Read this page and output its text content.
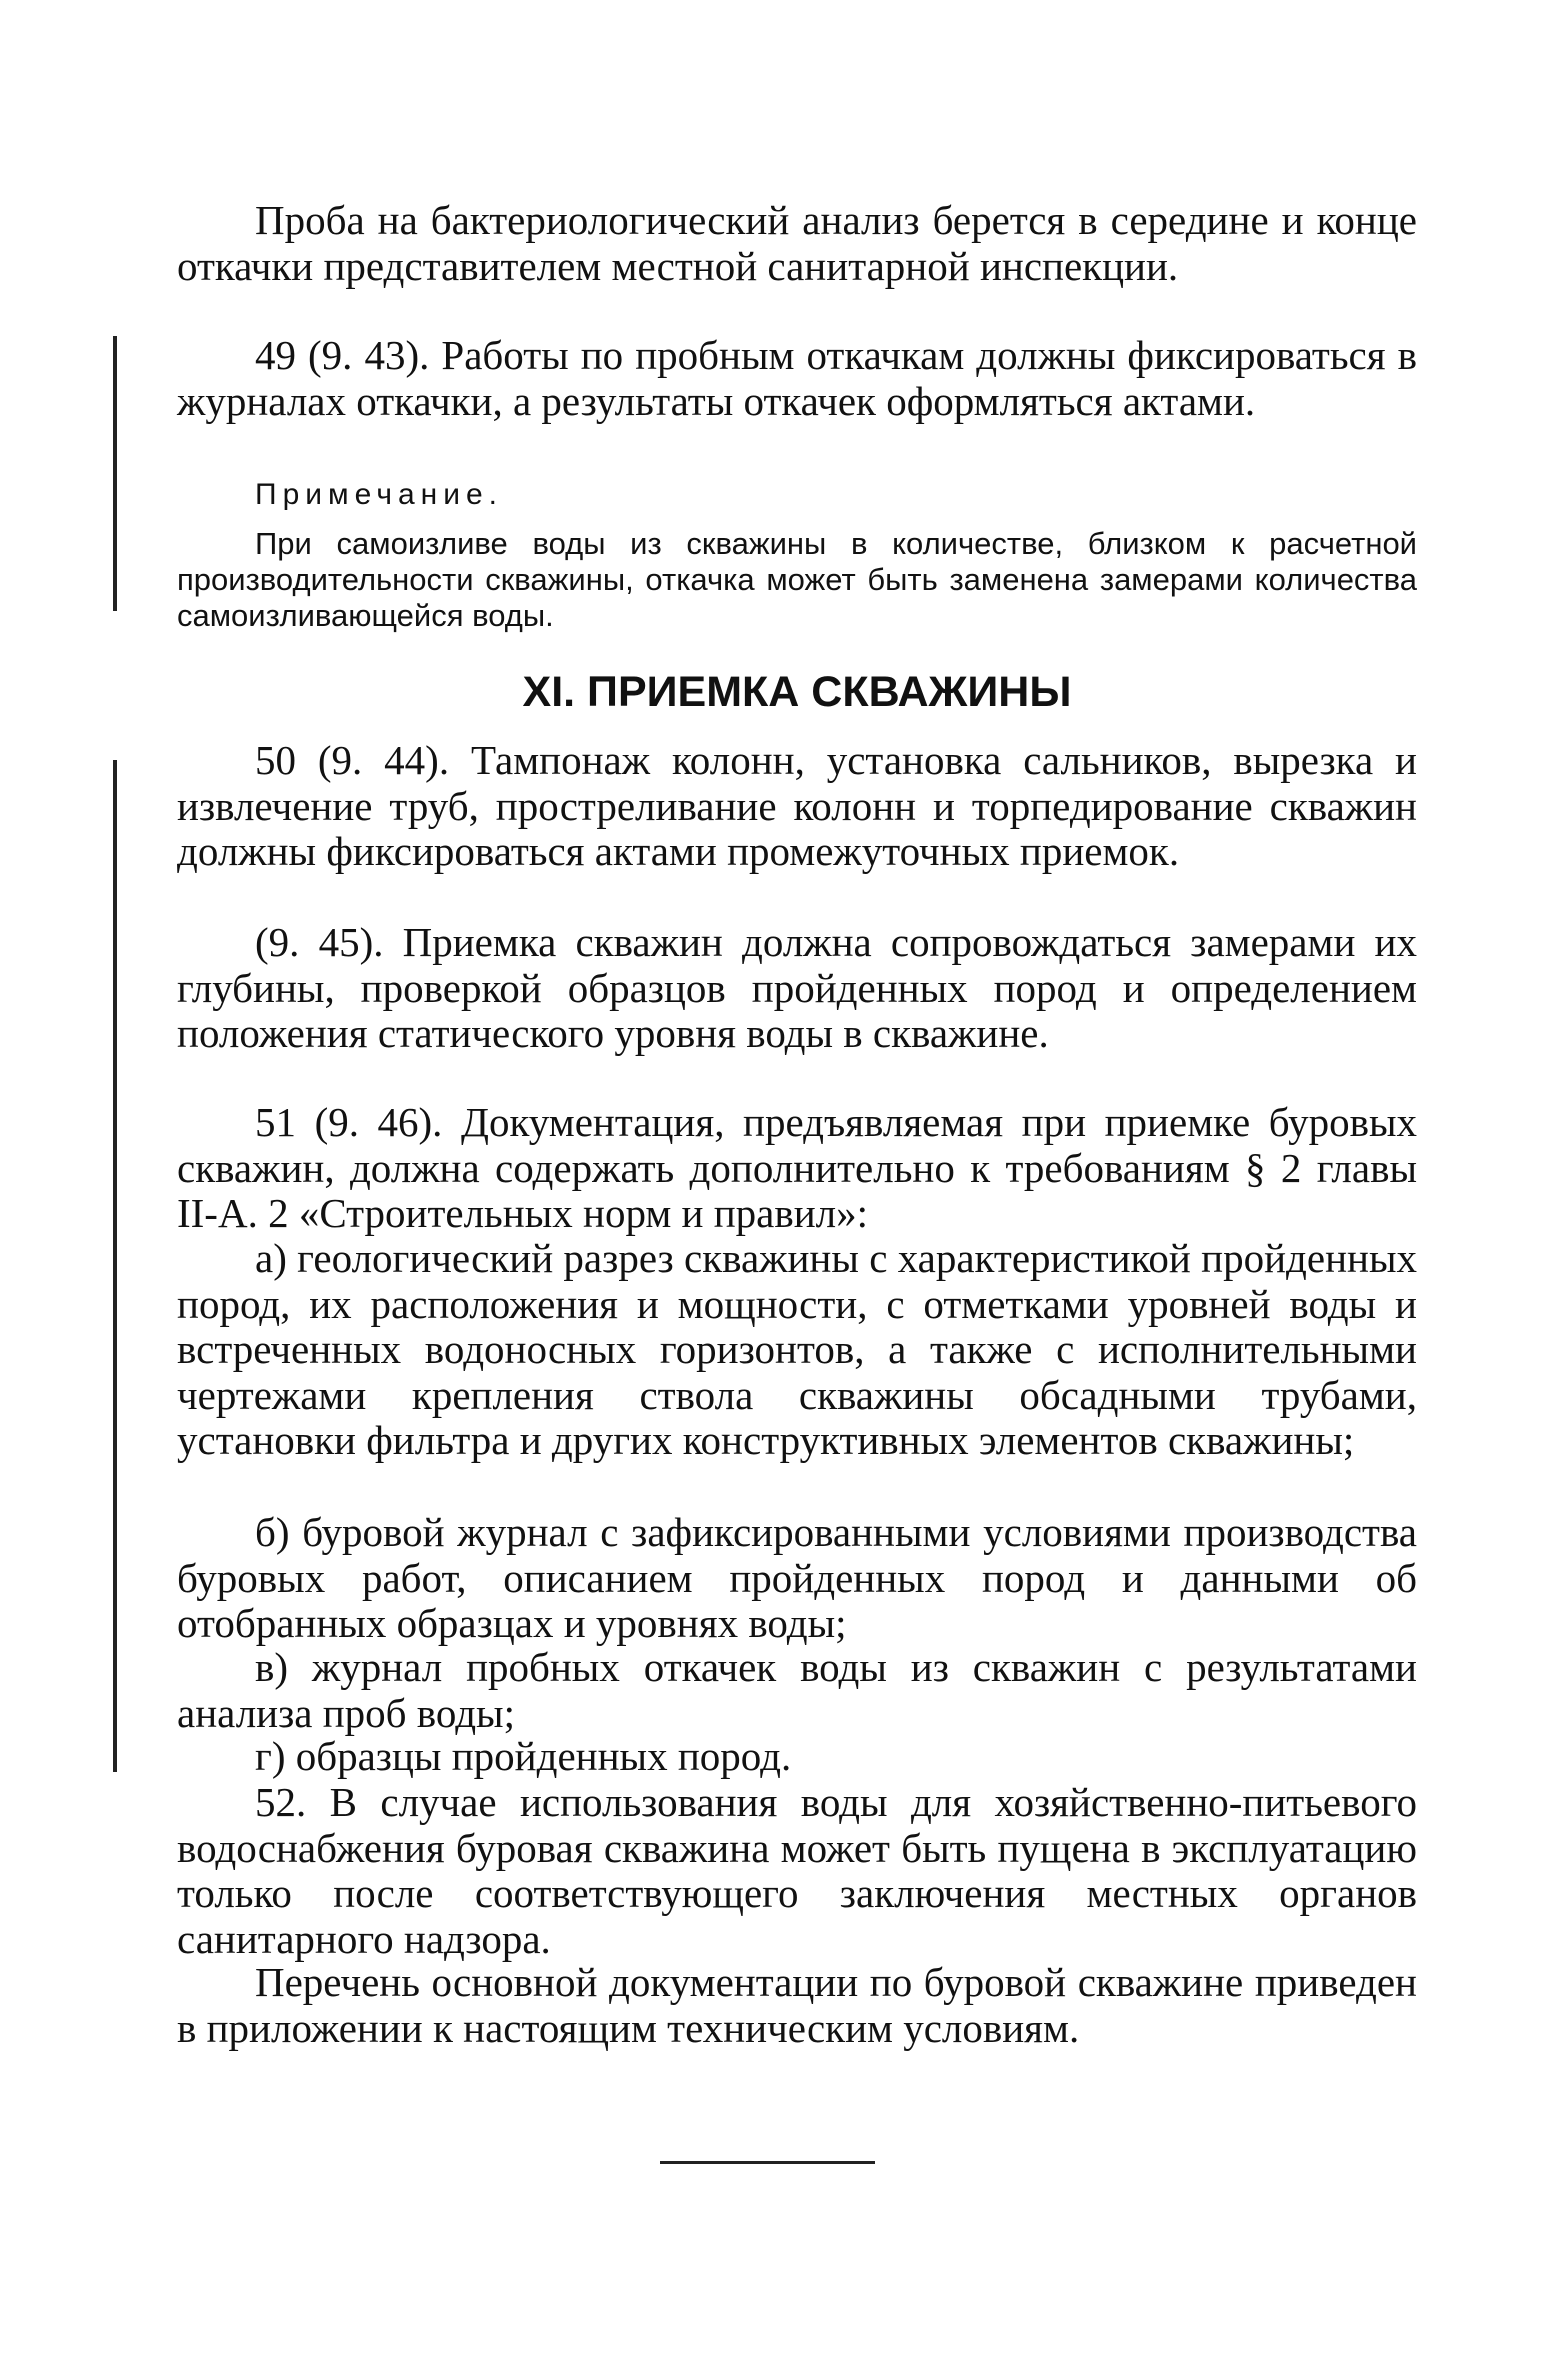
Проба на бактериологический анализ берется в середине и конце откачки представителем местной санитарной инспекции.

49 (9. 43). Работы по пробным откачкам должны фиксироваться в журналах откачки, а результаты откачек оформляться актами.

Примечание.

При самоизливе воды из скважины в количестве, близком к расчетной производительности скважины, откачка может быть заменена замерами количества самоизливающейся воды.

XI. ПРИЕМКА СКВАЖИНЫ

50 (9. 44). Тампонаж колонн, установка сальников, вырезка и извлечение труб, простреливание колонн и торпедирование скважин должны фиксироваться актами промежуточных приемок.

(9. 45). Приемка скважин должна сопровождаться замерами их глубины, проверкой образцов пройденных пород и определением положения статического уровня воды в скважине.

51 (9. 46). Документация, предъявляемая при приемке буровых скважин, должна содержать дополнительно к требованиям § 2 главы II-А. 2 «Строительных норм и правил»:

а) геологический разрез скважины с характеристикой пройденных пород, их расположения и мощности, с отметками уровней воды и встреченных водоносных горизонтов, а также с исполнительными чертежами крепления ствола скважины обсадными трубами, установки фильтра и других конструктивных элементов скважины;

б) буровой журнал с зафиксированными условиями производства буровых работ, описанием пройденных пород и данными об отобранных образцах и уровнях воды;

в) журнал пробных откачек воды из скважин с результатами анализа проб воды;

г) образцы пройденных пород.

52. В случае использования воды для хозяйственно-питьевого водоснабжения буровая скважина может быть пущена в эксплуатацию только после соответствующего заключения местных органов санитарного надзора.

Перечень основной документации по буровой скважине приведен в приложении к настоящим техническим условиям.
